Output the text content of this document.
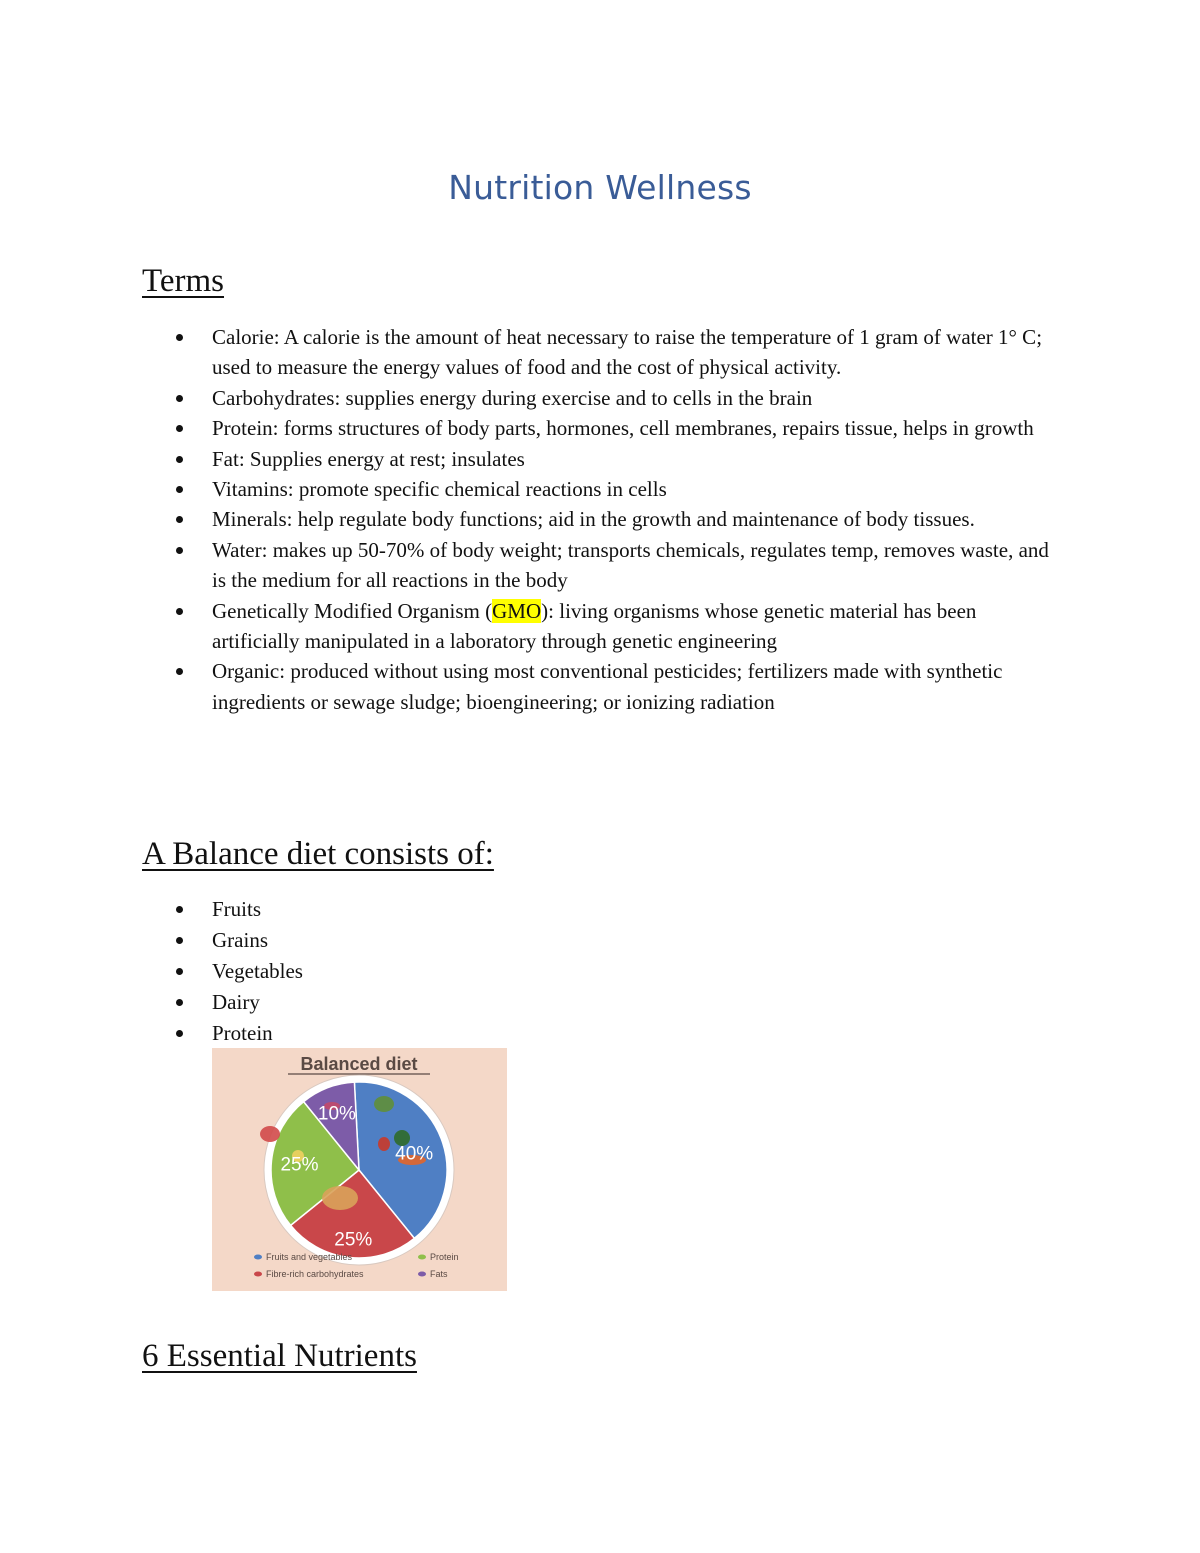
Nutrition Wellness
Terms
Calorie: A calorie is the amount of heat necessary to raise the temperature of 1 gram of water 1° C; used to measure the energy values of food and the cost of physical activity.
Carbohydrates: supplies energy during exercise and to cells in the brain
Protein: forms structures of body parts, hormones, cell membranes, repairs tissue, helps in growth
Fat: Supplies energy at rest; insulates
Vitamins: promote specific chemical reactions in cells
Minerals: help regulate body functions; aid in the growth and maintenance of body tissues.
Water: makes up 50-70% of body weight; transports chemicals, regulates temp, removes waste, and is the medium for all reactions in the body
Genetically Modified Organism (GMO): living organisms whose genetic material has been artificially manipulated in a laboratory through genetic engineering
Organic: produced without using most conventional pesticides; fertilizers made with synthetic ingredients or sewage sludge; bioengineering; or ionizing radiation
A Balance diet consists of:
Fruits
Grains
Vegetables
Dairy
Protein
Balanced diet
40%
25%
25%
10%
Fruits and vegetables	Protein
Fibre-rich carbohydrates	Fats
6 Essential Nutrients
